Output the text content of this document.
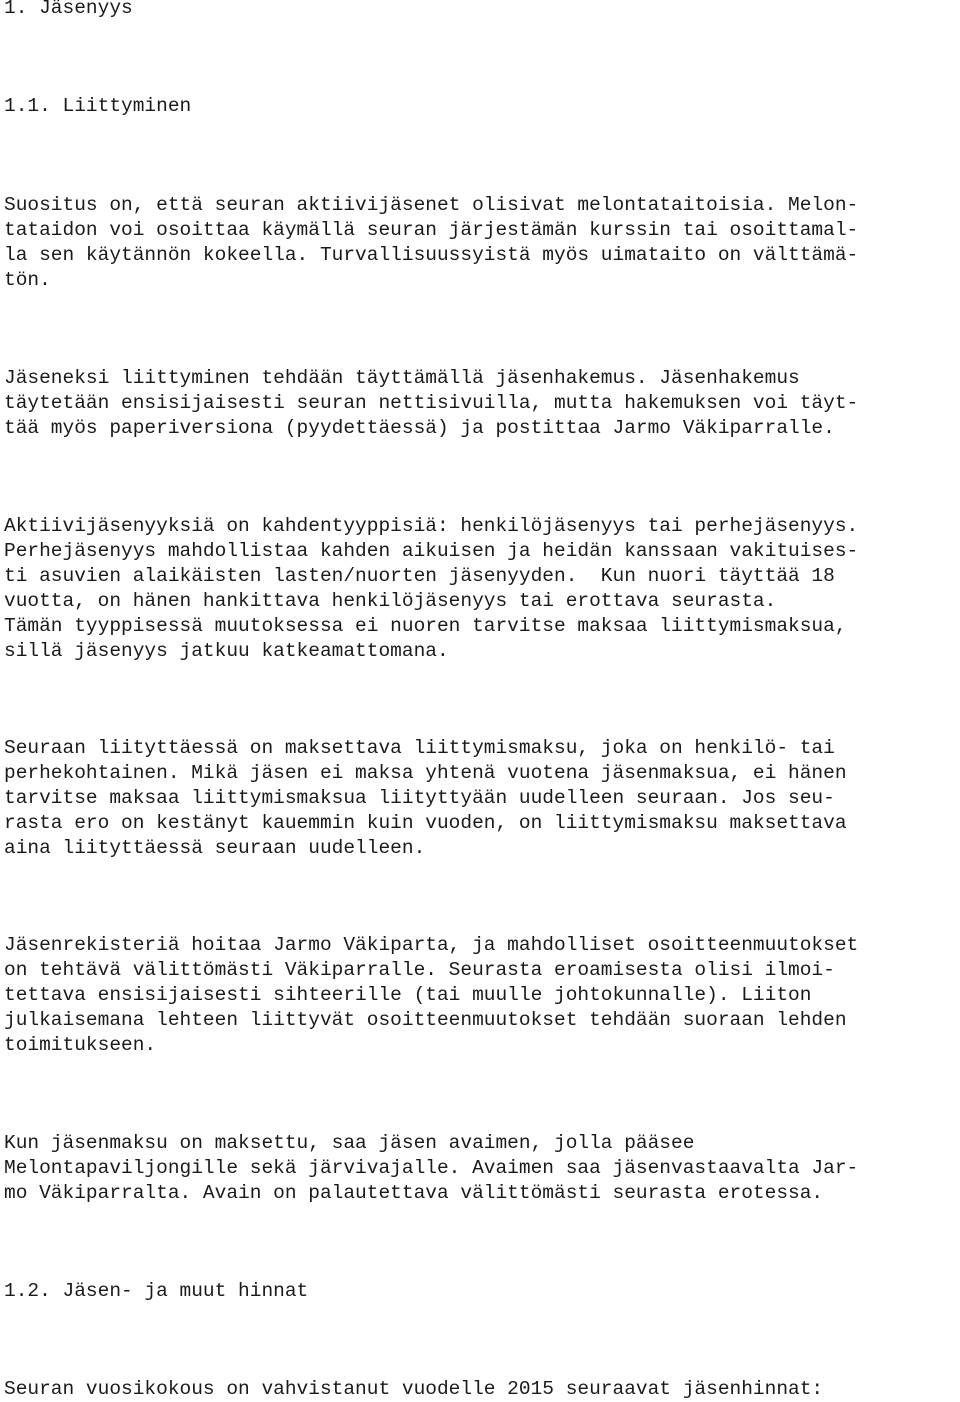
1. Jäsenyys
1.1. Liittyminen
Suositus on, että seuran aktiivijäsenet olisivat melontataitoisia. Melon-
tataidon voi osoittaa käymällä seuran järjestämän kurssin tai osoittamal-
la sen käytännön kokeella. Turvallisuussyistä myös uimataito on välttämä-
tön.
Jäseneksi liittyminen tehdään täyttämällä jäsenhakemus. Jäsenhakemus
täytetään ensisijaisesti seuran nettisivuilla, mutta hakemuksen voi täyt-
tää myös paperiversiona (pyydettäessä) ja postittaa Jarmo Väkiparralle.
Aktiivijäsenyyksiä on kahdentyyppisiä: henkilöjäsenyys tai perhejäsenyys.
Perhejäsenyys mahdollistaa kahden aikuisen ja heidän kanssaan vakituises-
ti asuvien alaikäisten lasten/nuorten jäsenyyden.  Kun nuori täyttää 18
vuotta, on hänen hankittava henkilöjäsenyys tai erottava seurasta.
Tämän tyyppisessä muutoksessa ei nuoren tarvitse maksaa liittymismaksua,
sillä jäsenyys jatkuu katkeamattomana.
Seuraan liityttäessä on maksettava liittymismaksu, joka on henkilö- tai
perhekohtainen. Mikä jäsen ei maksa yhtenä vuotena jäsenmaksua, ei hänen
tarvitse maksaa liittymismaksua liityttyään uudelleen seuraan. Jos seu-
rasta ero on kestänyt kauemmin kuin vuoden, on liittymismaksu maksettava
aina liityttäessä seuraan uudelleen.
Jäsenrekisteriä hoitaa Jarmo Väkiparta, ja mahdolliset osoitteenmuutokset
on tehtävä välittömästi Väkiparralle. Seurasta eroamisesta olisi ilmoi-
tettava ensisijaisesti sihteerille (tai muulle johtokunnalle). Liiton
julkaisemana lehteen liittyvät osoitteenmuutokset tehdään suoraan lehden
toimitukseen.
Kun jäsenmaksu on maksettu, saa jäsen avaimen, jolla pääsee
Melontapaviljongille sekä järvivajalle. Avaimen saa jäsenvastaavalta Jar-
mo Väkiparralta. Avain on palautettava välittömästi seurasta erotessa.
1.2. Jäsen- ja muut hinnat
Seuran vuosikokous on vahvistanut vuodelle 2015 seuraavat jäsenhinnat:
